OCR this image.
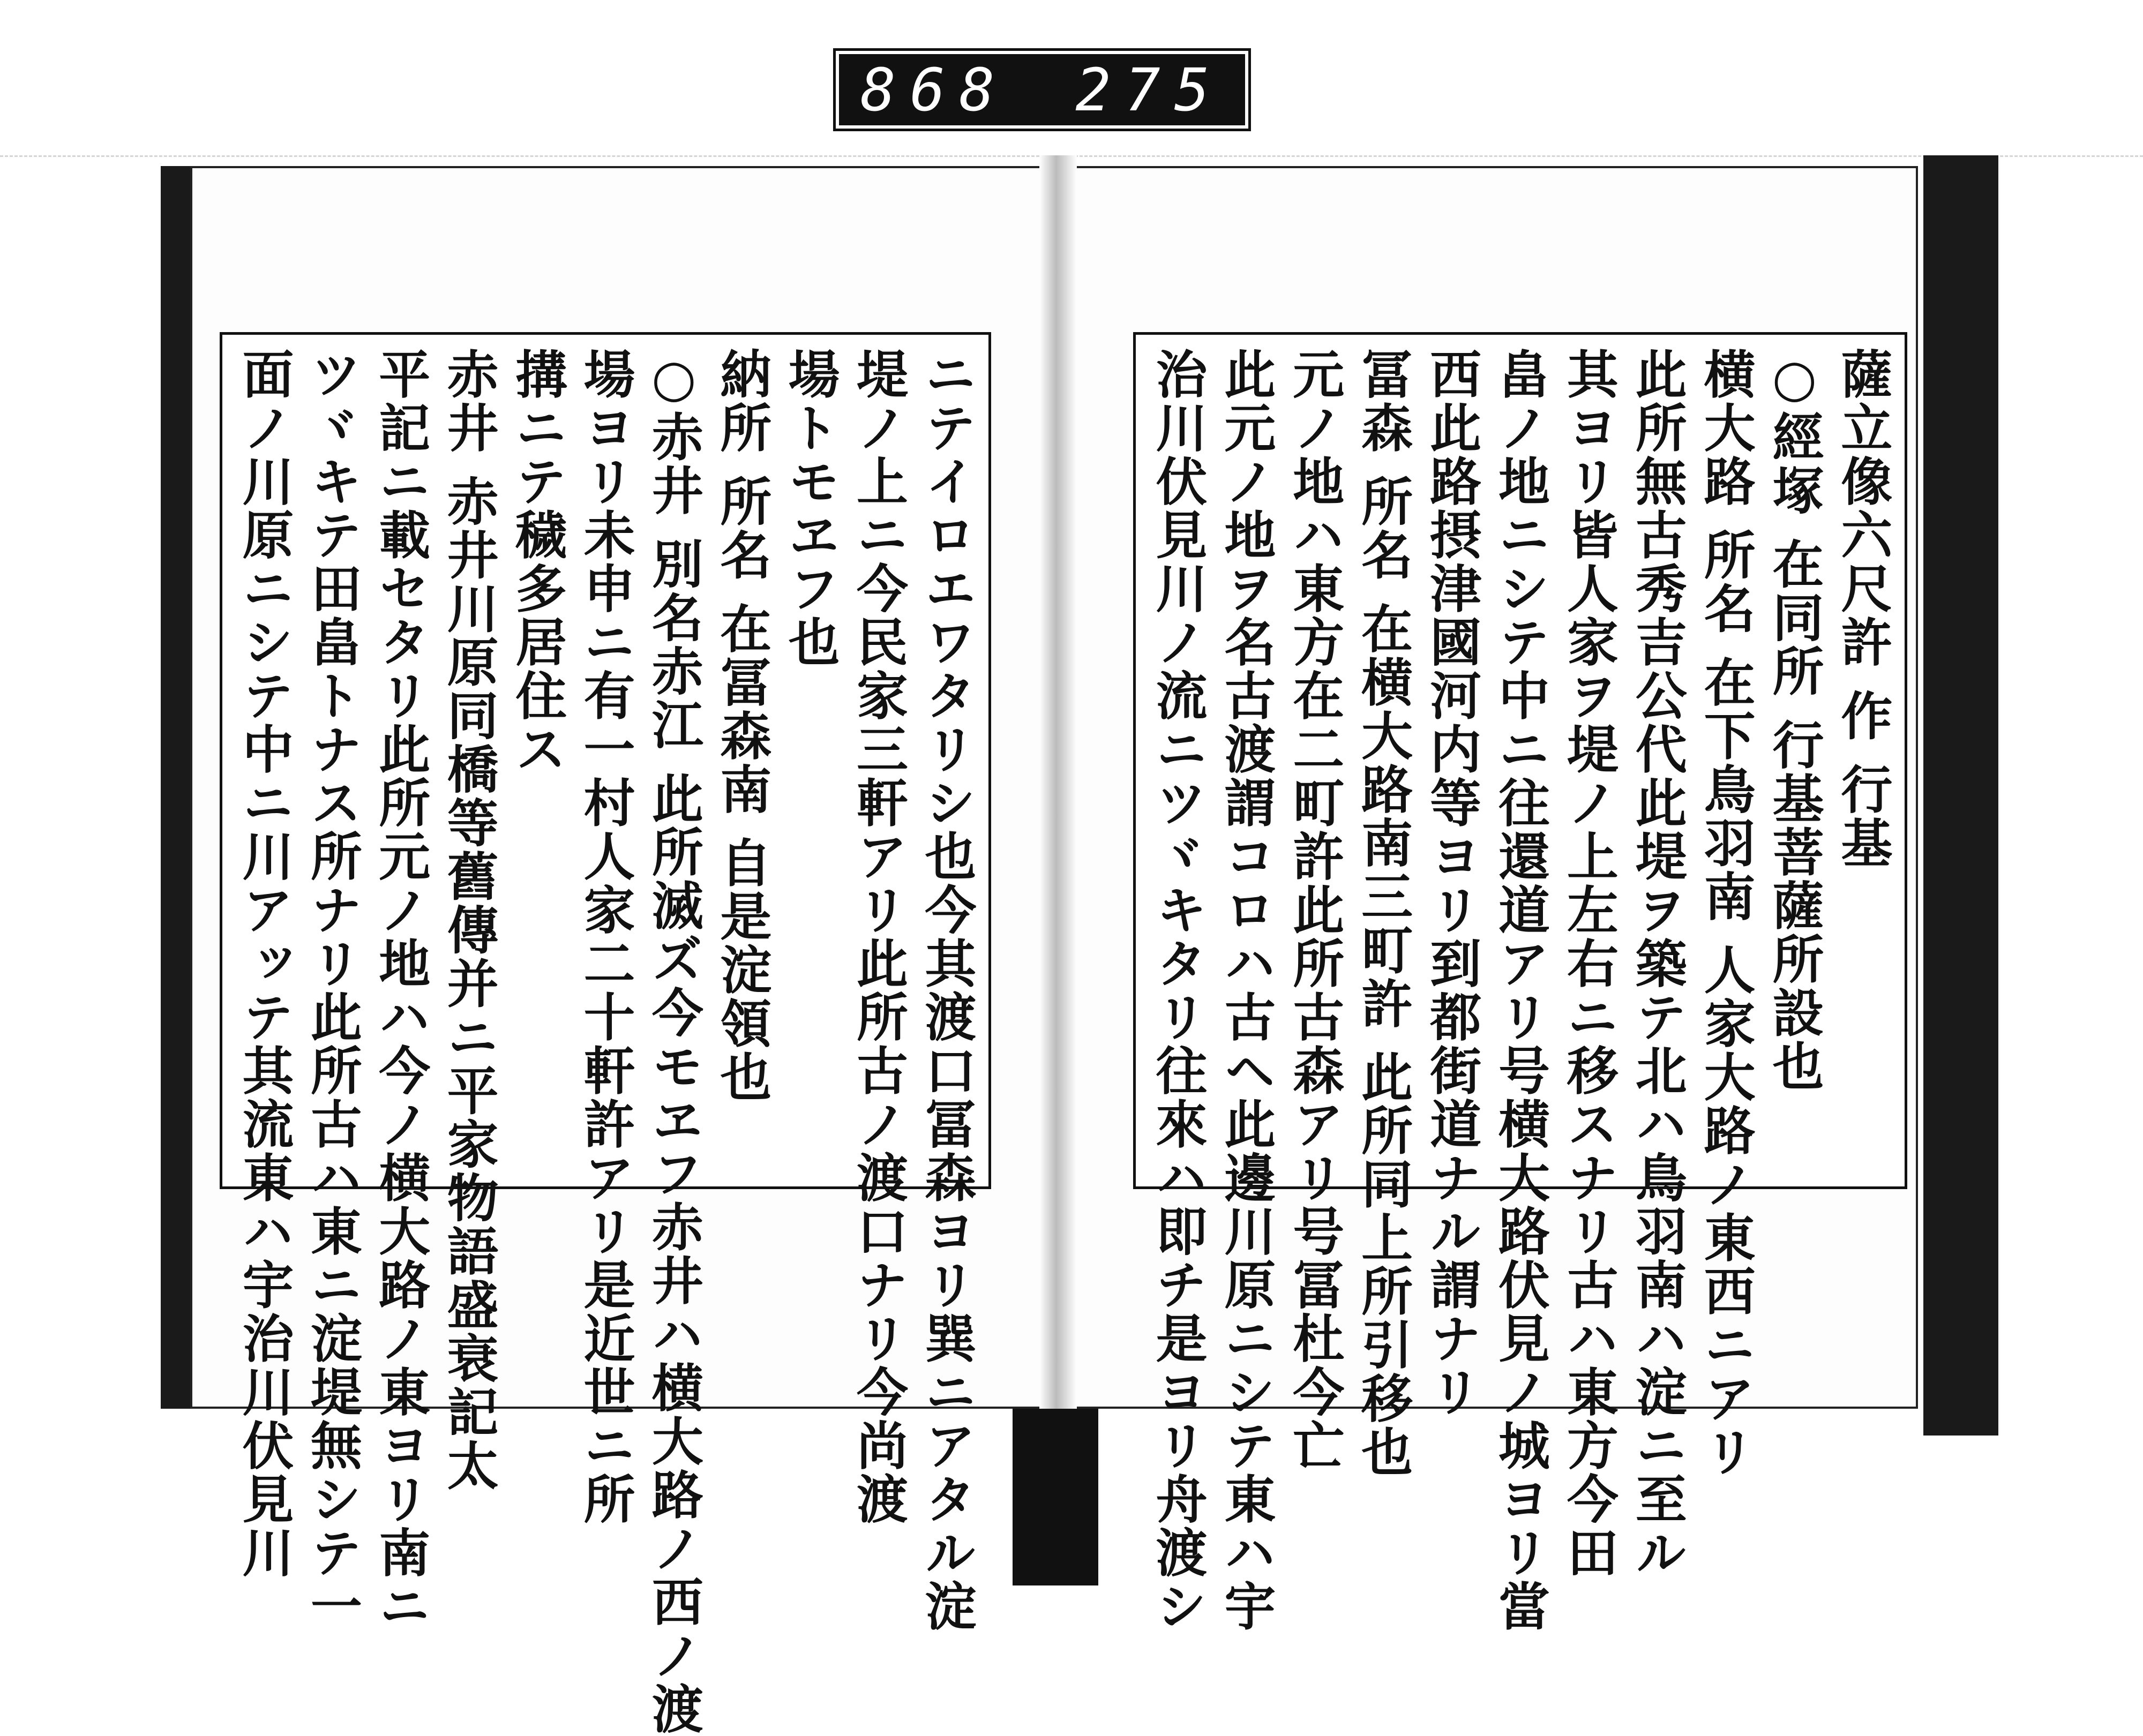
868 275
薩立像六尺許 作 行基
○經塚 在同所 行基菩薩所設也
横大路 所名 在下鳥羽南 人家大路ノ東西ニアリ
此所無古秀吉公代此堤ヲ築テ北ハ鳥羽南ハ淀ニ至ル
其ヨリ皆人家ヲ堤ノ上左右ニ移スナリ古ハ東方今田
畠ノ地ニシテ中ニ往還道アリ号横大路伏見ノ城ヨリ當
西此路摂津國河内等ヨリ到都街道ナル謂ナリ
冨森 所名 在横大路南三町許 此所同上所引移也
元ノ地ハ東方在二町許此所古森アリ号冨杜今亡
此元ノ地ヲ名古渡謂コロハ古ヘ此邊川原ニシテ東ハ宇
治川伏見川ノ流ニツヾキタリ往來ハ即チ是ヨリ舟渡シ
ニテイロエワタリシ也今其渡口冨森ヨリ巽ニアタル淀
堤ノ上ニ今民家三軒アリ此所古ノ渡口ナリ今尚渡
場トモヱフ也
納所 所名 在冨森南 自是淀領也
○赤井 別名赤江 此所滅ズ今モヱフ赤井ハ横大路ノ西ノ渡
場ヨリ未申ニ有一村人家二十軒許アリ是近世ニ所
搆ニテ穢多居住ス
赤井 赤井川原同橋等舊傳并ニ平家物語盛衰記太
平記ニ載セタリ此所元ノ地ハ今ノ横大路ノ東ヨリ南ニ
ツヾキテ田畠トナス所ナリ此所古ハ東ニ淀堤無シテ一
面ノ川原ニシテ中ニ川アッテ其流東ハ宇治川伏見川
